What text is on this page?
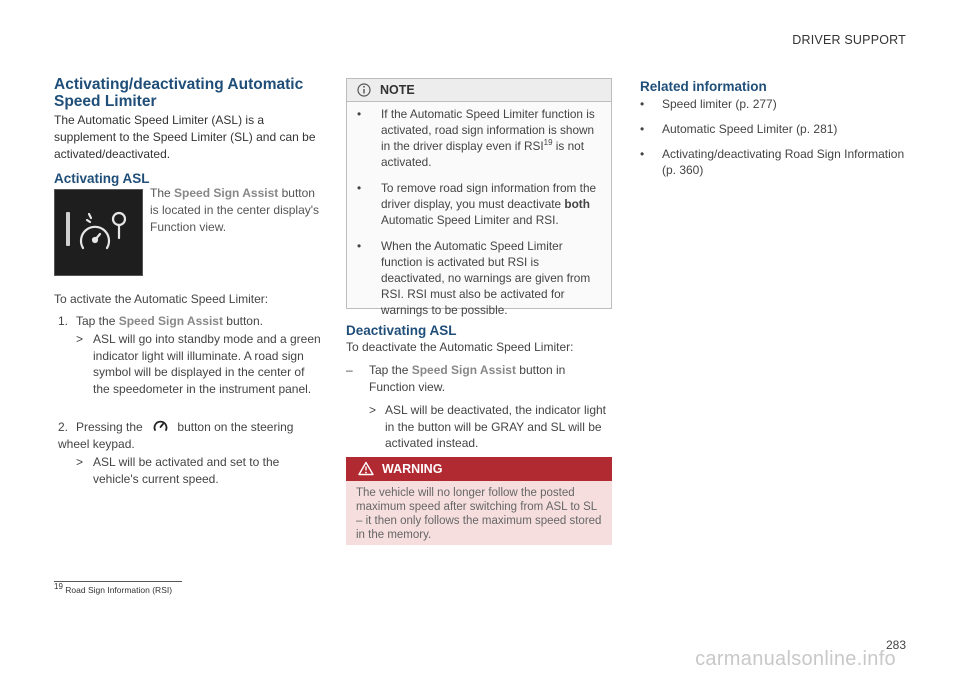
DRIVER SUPPORT
Activating/deactivating Automatic Speed Limiter
The Automatic Speed Limiter (ASL) is a supplement to the Speed Limiter (SL) and can be activated/deactivated.
Activating ASL
The Speed Sign Assist button is located in the center display's Function view.
To activate the Automatic Speed Limiter:
1. Tap the Speed Sign Assist button.
> ASL will go into standby mode and a green indicator light will illuminate. A road sign symbol will be displayed in the center of the speedometer in the instrument panel.
2. Pressing the	button on the steering wheel keypad.
> ASL will be activated and set to the vehicle's current speed.
NOTE
• If the Automatic Speed Limiter function is activated, road sign information is shown in the driver display even if RSI$^{19}$ is not activated.
• To remove road sign information from the driver display, you must deactivate both Automatic Speed Limiter and RSI.
• When the Automatic Speed Limiter function is activated but RSI is deactivated, no warnings are given from RSI. RSI must also be activated for warnings to be possible.
Deactivating ASL
To deactivate the Automatic Speed Limiter:
– Tap the Speed Sign Assist button in Function view.
> ASL will be deactivated, the indicator light in the button will be GRAY and SL will be activated instead.
WARNING
The vehicle will no longer follow the posted maximum speed after switching from ASL to SL – it then only follows the maximum speed stored in the memory.
Related information
• Speed limiter (p. 277)
• Automatic Speed Limiter (p. 281)
• Activating/deactivating Road Sign Information (p. 360)
$^{19}$ Road Sign Information (RSI)
283
carmanualsonline.info
